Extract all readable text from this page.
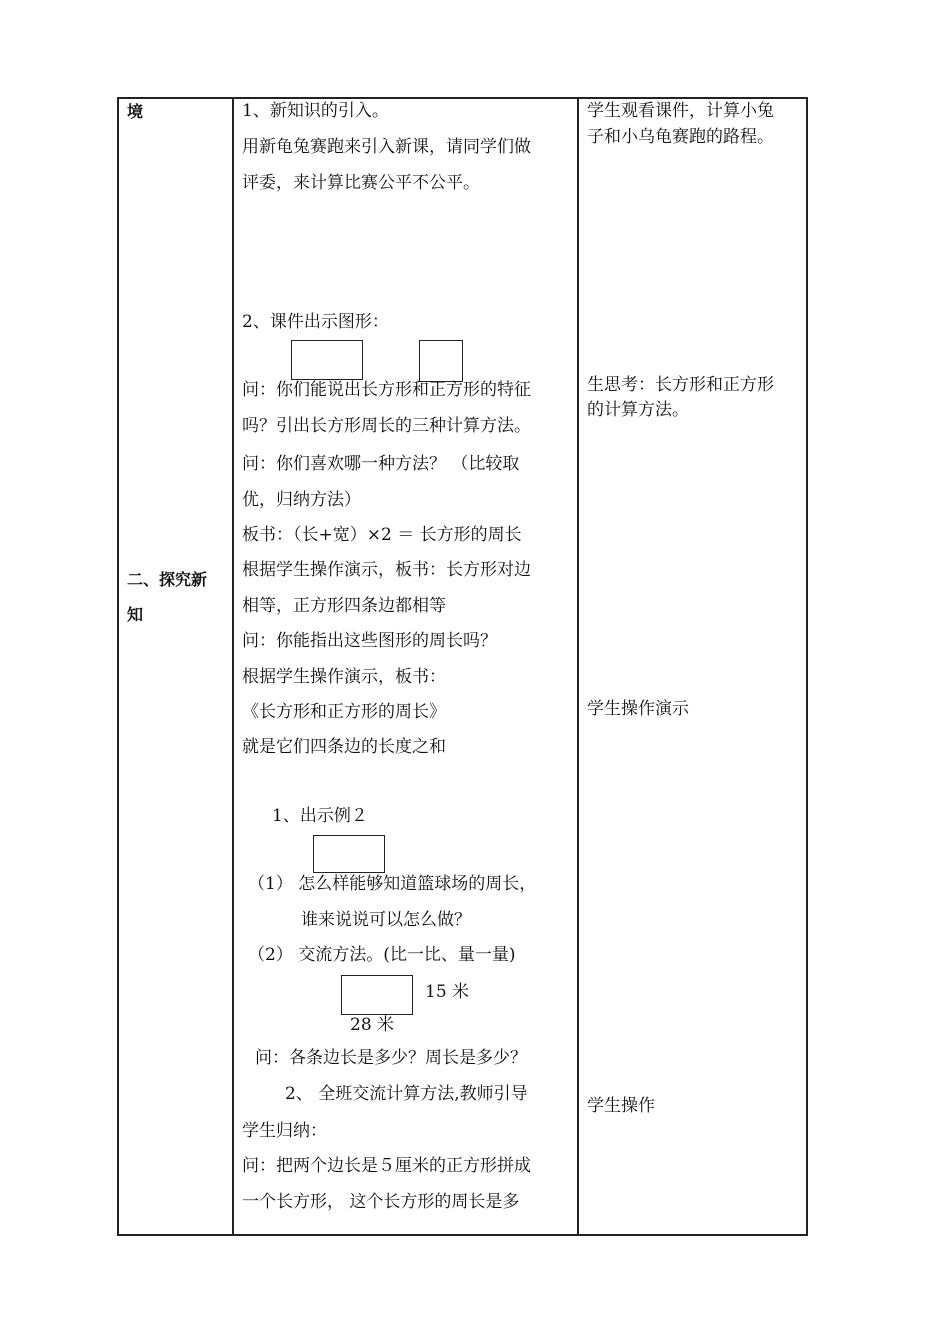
境
二、探究新
知
1、新知识的引入。
用新龟兔赛跑来引入新课，请同学们做
评委，来计算比赛公平不公平。
2、课件出示图形：
问：你们能说出长方形和正方形的特征
吗？引出长方形周长的三种计算方法。
问：你们喜欢哪一种方法？ （比较取
优，归纳方法）
板书：（长+宽）×2 ＝ 长方形的周长
根据学生操作演示，板书：长方形对边
相等，正方形四条边都相等
问：你能指出这些图形的周长吗？
根据学生操作演示，板书：
《长方形和正方形的周长》
就是它们四条边的长度之和
1、出示例２
（1） 怎么样能够知道篮球场的周长，
谁来说说可以怎么做？
（2） 交流方法。(比一比、量一量)
15 米
28 米
问：各条边长是多少？周长是多少？
2、 全班交流计算方法,教师引导
学生归纳：
问：把两个边长是５厘米的正方形拼成
一个长方形， 这个长方形的周长是多
学生观看课件，计算小兔
子和小乌龟赛跑的路程。
生思考：长方形和正方形
的计算方法。
学生操作演示
学生操作
